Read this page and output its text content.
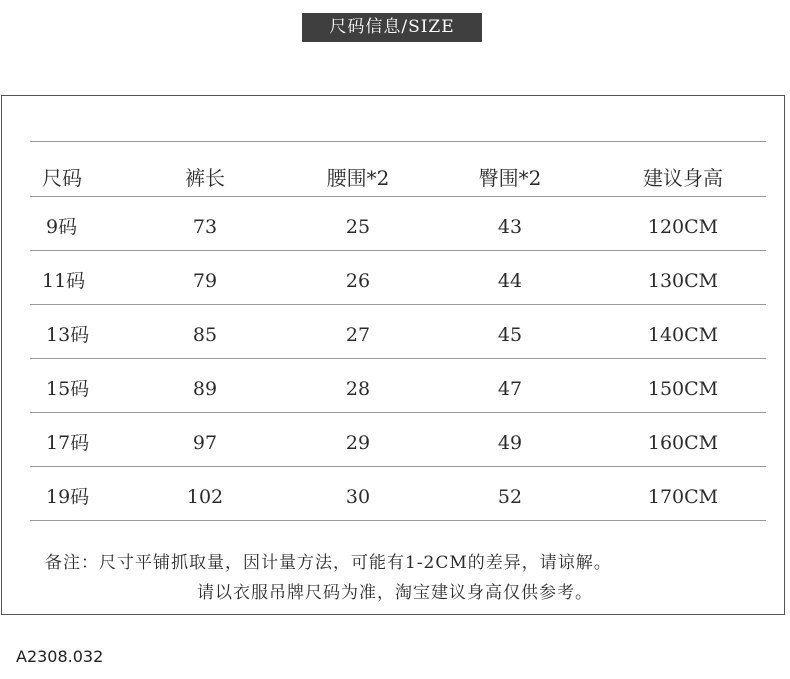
尺码信息/SIZE
尺码	裤长	腰围*2	臀围*2	建议身高
9码	73	25	43	120CM
11码	79	26	44	130CM
13码	85	27	45	140CM
15码	89	28	47	150CM
17码	97	29	49	160CM
19码	102	30	52	170CM
备注：尺寸平铺抓取量，因计量方法，可能有1-2CM的差异，请谅解。
请以衣服吊牌尺码为准，淘宝建议身高仅供参考。
A2308.032
